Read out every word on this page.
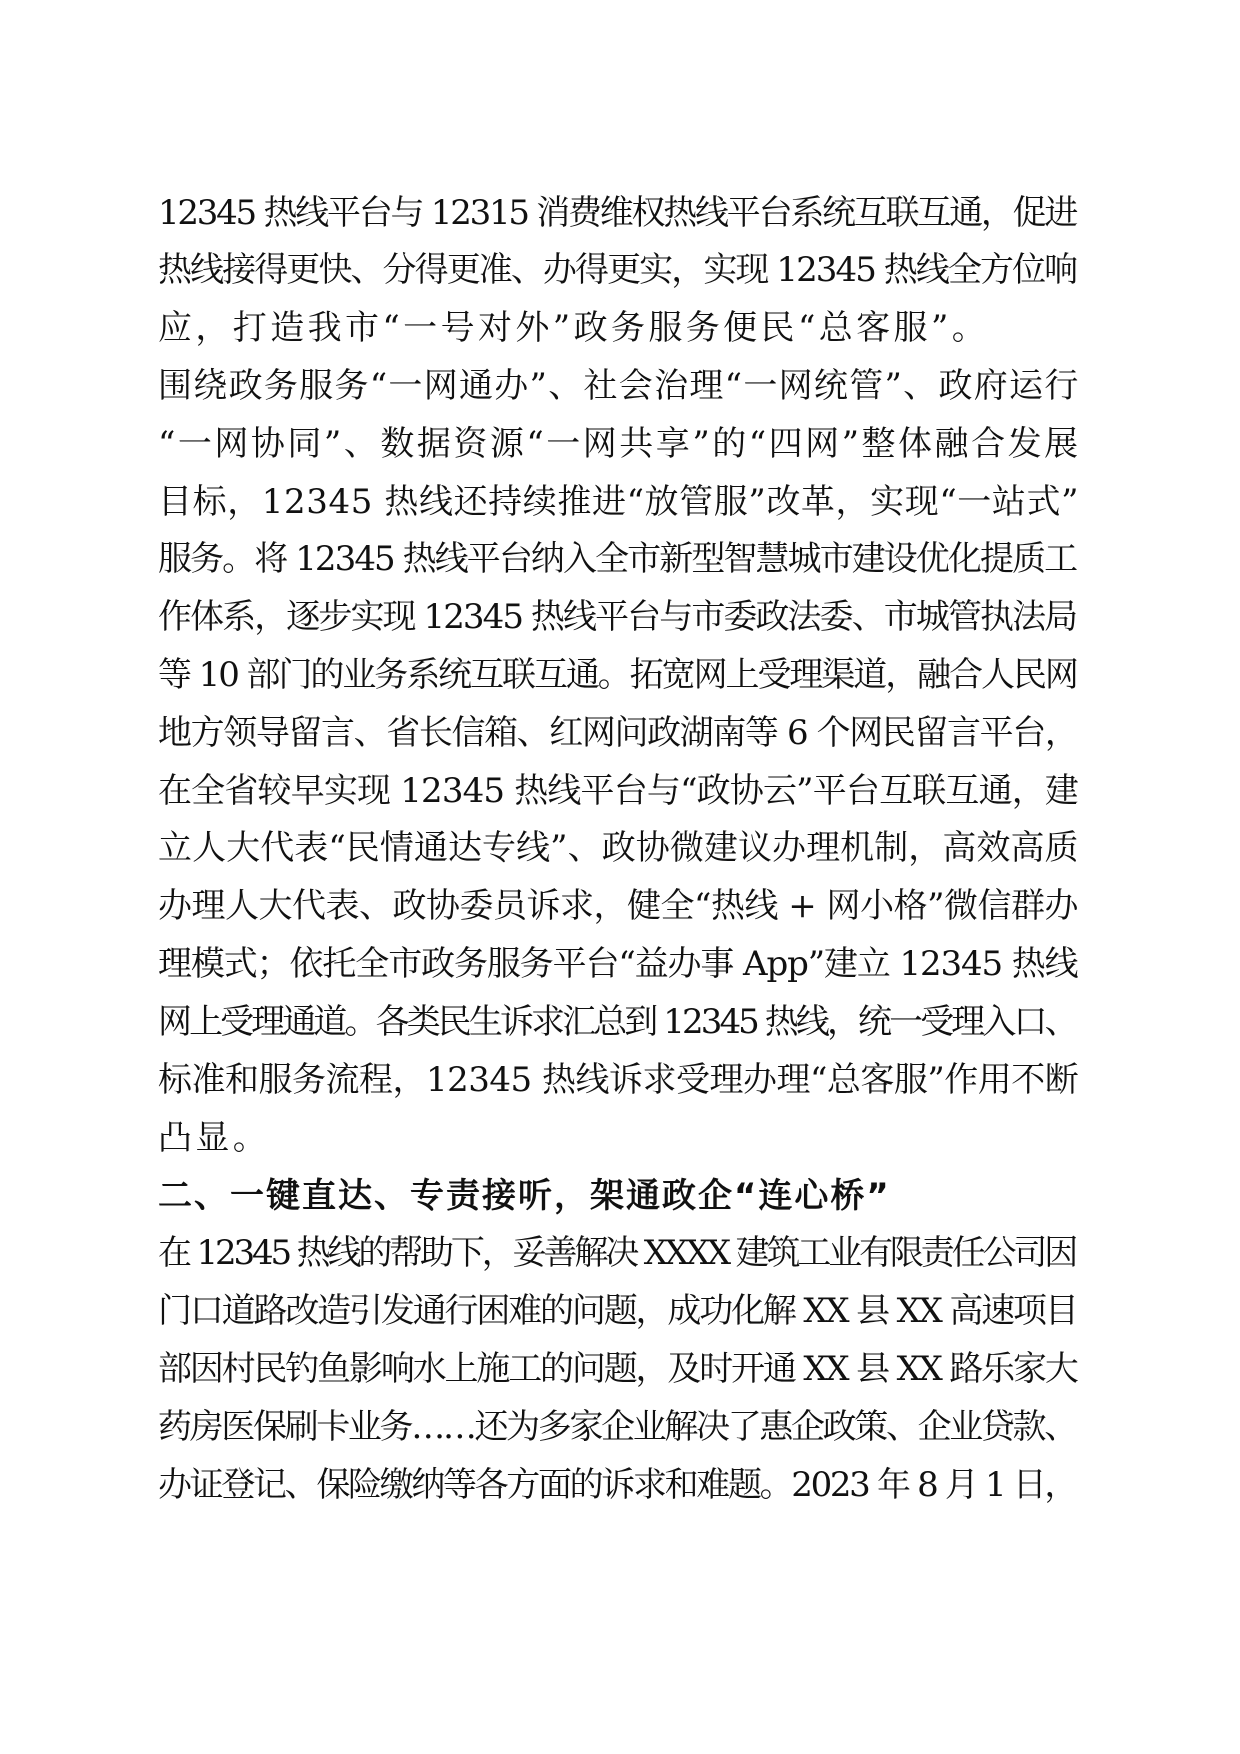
12345 热线平台与 12315 消费维权热线平台系统互联互通，促进
热线接得更快、分得更准、办得更实，实现 12345 热线全方位响
应，打造我市“一号对外”政务服务便民“总客服”。
围绕政务服务“一网通办”、社会治理“一网统管”、政府运行
“一网协同”、数据资源“一网共享”的“四网”整体融合发展
目标，12345 热线还持续推进“放管服”改革，实现“一站式”
服务。将 12345 热线平台纳入全市新型智慧城市建设优化提质工
作体系，逐步实现 12345 热线平台与市委政法委、市城管执法局
等 10 部门的业务系统互联互通。拓宽网上受理渠道，融合人民网
地方领导留言、省长信箱、红网问政湖南等 6 个网民留言平台，
在全省较早实现 12345 热线平台与“政协云”平台互联互通，建
立人大代表“民情通达专线”、政协微建议办理机制，高效高质
办理人大代表、政协委员诉求，健全“热线 + 网小格”微信群办
理模式；依托全市政务服务平台“益办事 App”建立 12345 热线
网上受理通道。各类民生诉求汇总到 12345 热线，统一受理入口、
标准和服务流程，12345 热线诉求受理办理“总客服”作用不断
凸显。
二、一键直达、专责接听，架通政企“连心桥”
在 12345 热线的帮助下，妥善解决 XXXX 建筑工业有限责任公司因
门口道路改造引发通行困难的问题，成功化解 XX 县 XX 高速项目
部因村民钓鱼影响水上施工的问题，及时开通 XX 县 XX 路乐家大
药房医保刷卡业务……还为多家企业解决了惠企政策、企业贷款、
办证登记、保险缴纳等各方面的诉求和难题。2023 年 8 月 1 日，
